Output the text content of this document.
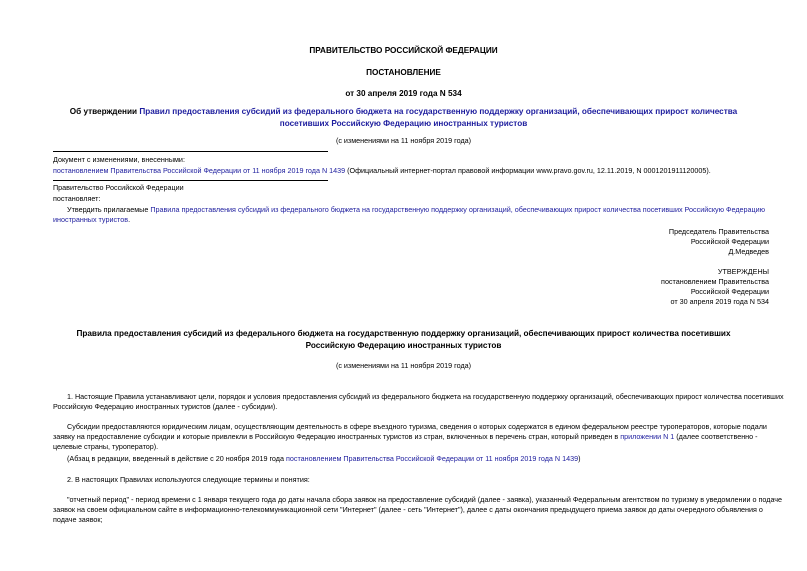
ПРАВИТЕЛЬСТВО РОССИЙСКОЙ ФЕДЕРАЦИИ
ПОСТАНОВЛЕНИЕ
от 30 апреля 2019 года N 534
Об утверждении Правил предоставления субсидий из федерального бюджета на государственную поддержку организаций, обеспечивающих прирост количества
посетивших Российскую Федерацию иностранных туристов
(с изменениями на 11 ноября 2019 года)
Документ с изменениями, внесенными:
постановлением Правительства Российской Федерации от 11 ноября 2019 года N 1439 (Официальный интернет-портал правовой информации www.pravo.gov.ru, 12.11.2019, N 0001201911120005).
Правительство Российской Федерации
постановляет:
Утвердить прилагаемые Правила предоставления субсидий из федерального бюджета на государственную поддержку организаций, обеспечивающих прирост количества посетивших Российскую Федерацию
иностранных туристов.
Председатель Правительства
Российской Федерации
Д.Медведев
УТВЕРЖДЕНЫ
постановлением Правительства
Российской Федерации
от 30 апреля 2019 года N 534
Правила предоставления субсидий из федерального бюджета на государственную поддержку организаций, обеспечивающих прирост количества посетивших
Российскую Федерацию иностранных туристов
(с изменениями на 11 ноября 2019 года)
1. Настоящие Правила устанавливают цели, порядок и условия предоставления субсидий из федерального бюджета на государственную поддержку организаций, обеспечивающих прирост количества посетивших
Российскую Федерацию иностранных туристов (далее - субсидии).
Субсидии предоставляются юридическим лицам, осуществляющим деятельность в сфере въездного туризма, сведения о которых содержатся в едином федеральном реестре туроператоров, которые подали
заявку на предоставление субсидии и которые привлекли в Российскую Федерацию иностранных туристов из стран, включенных в перечень стран, который приведен в приложении N 1 (далее соответственно -
целевые страны, туроператор).
(Абзац в редакции, введенный в действие с 20 ноября 2019 года постановлением Правительства Российской Федерации от 11 ноября 2019 года N 1439)
2. В настоящих Правилах используются следующие термины и понятия:
"отчетный период" - период времени с 1 января текущего года до даты начала сбора заявок на предоставление субсидий (далее - заявка), указанный Федеральным агентством по туризму в уведомлении о подаче
заявок на своем официальном сайте в информационно-телекоммуникационной сети "Интернет" (далее - сеть "Интернет"), далее с даты окончания предыдущего приема заявок до даты очередного объявления о
подаче заявок;
